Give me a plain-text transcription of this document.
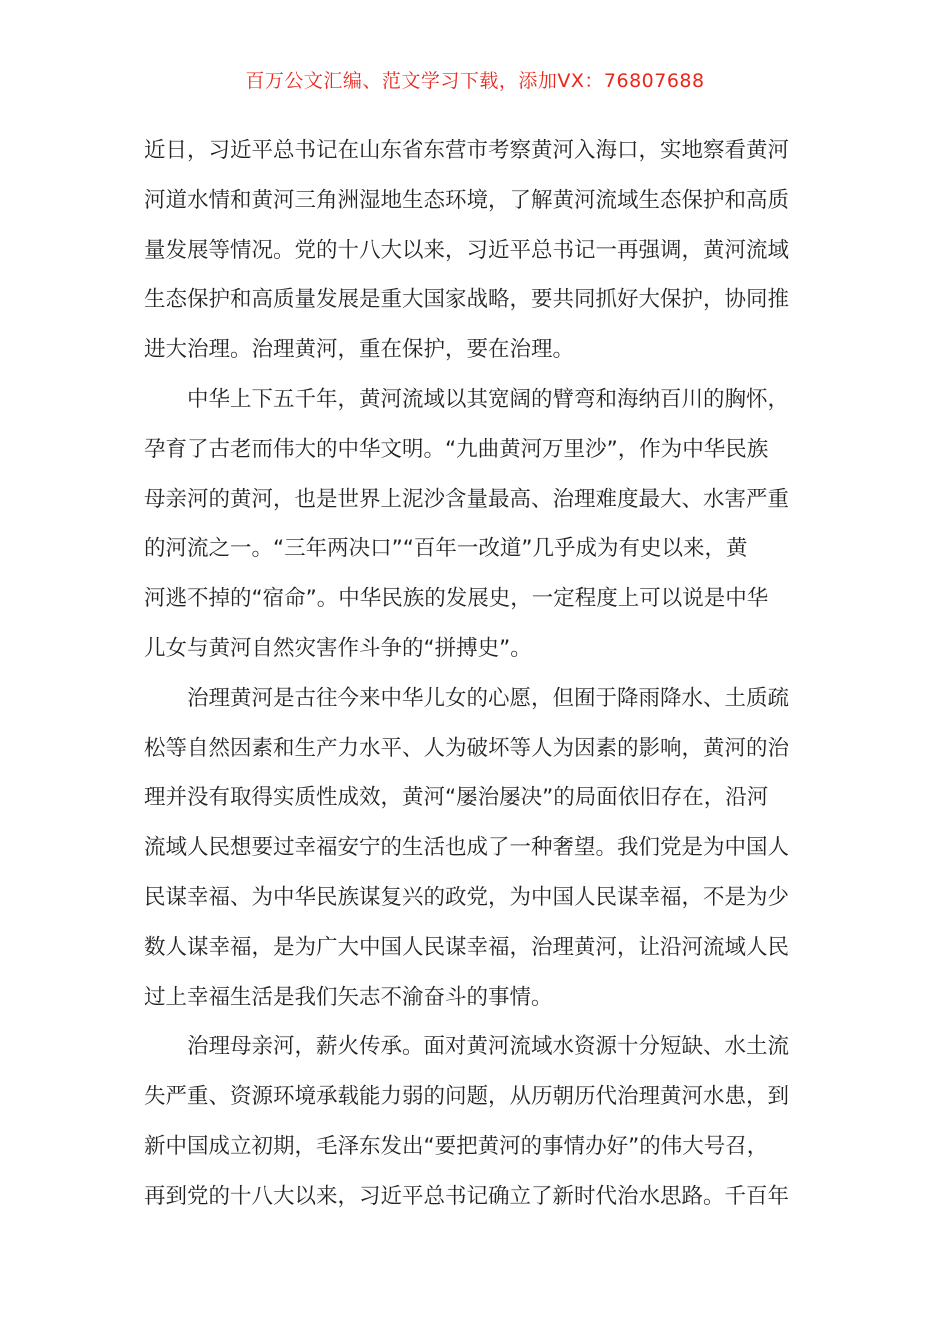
百万公文汇编、范文学习下载，添加VX：76807688
近日，习近平总书记在山东省东营市考察黄河入海口，实地察看黄河
河道水情和黄河三角洲湿地生态环境，了解黄河流域生态保护和高质
量发展等情况。党的十八大以来，习近平总书记一再强调，黄河流域
生态保护和高质量发展是重大国家战略，要共同抓好大保护，协同推
进大治理。治理黄河，重在保护，要在治理。
中华上下五千年，黄河流域以其宽阔的臂弯和海纳百川的胸怀，
孕育了古老而伟大的中华文明。“九曲黄河万里沙”，作为中华民族
母亲河的黄河，也是世界上泥沙含量最高、治理难度最大、水害严重
的河流之一。“三年两决口”“百年一改道”几乎成为有史以来，黄
河逃不掉的“宿命”。中华民族的发展史，一定程度上可以说是中华
儿女与黄河自然灾害作斗争的“拼搏史”。
治理黄河是古往今来中华儿女的心愿，但囿于降雨降水、土质疏
松等自然因素和生产力水平、人为破坏等人为因素的影响，黄河的治
理并没有取得实质性成效，黄河“屡治屡决”的局面依旧存在，沿河
流域人民想要过幸福安宁的生活也成了一种奢望。我们党是为中国人
民谋幸福、为中华民族谋复兴的政党，为中国人民谋幸福，不是为少
数人谋幸福，是为广大中国人民谋幸福，治理黄河，让沿河流域人民
过上幸福生活是我们矢志不渝奋斗的事情。
治理母亲河，薪火传承。面对黄河流域水资源十分短缺、水土流
失严重、资源环境承载能力弱的问题，从历朝历代治理黄河水患，到
新中国成立初期，毛泽东发出“要把黄河的事情办好”的伟大号召，
再到党的十八大以来，习近平总书记确立了新时代治水思路。千百年
